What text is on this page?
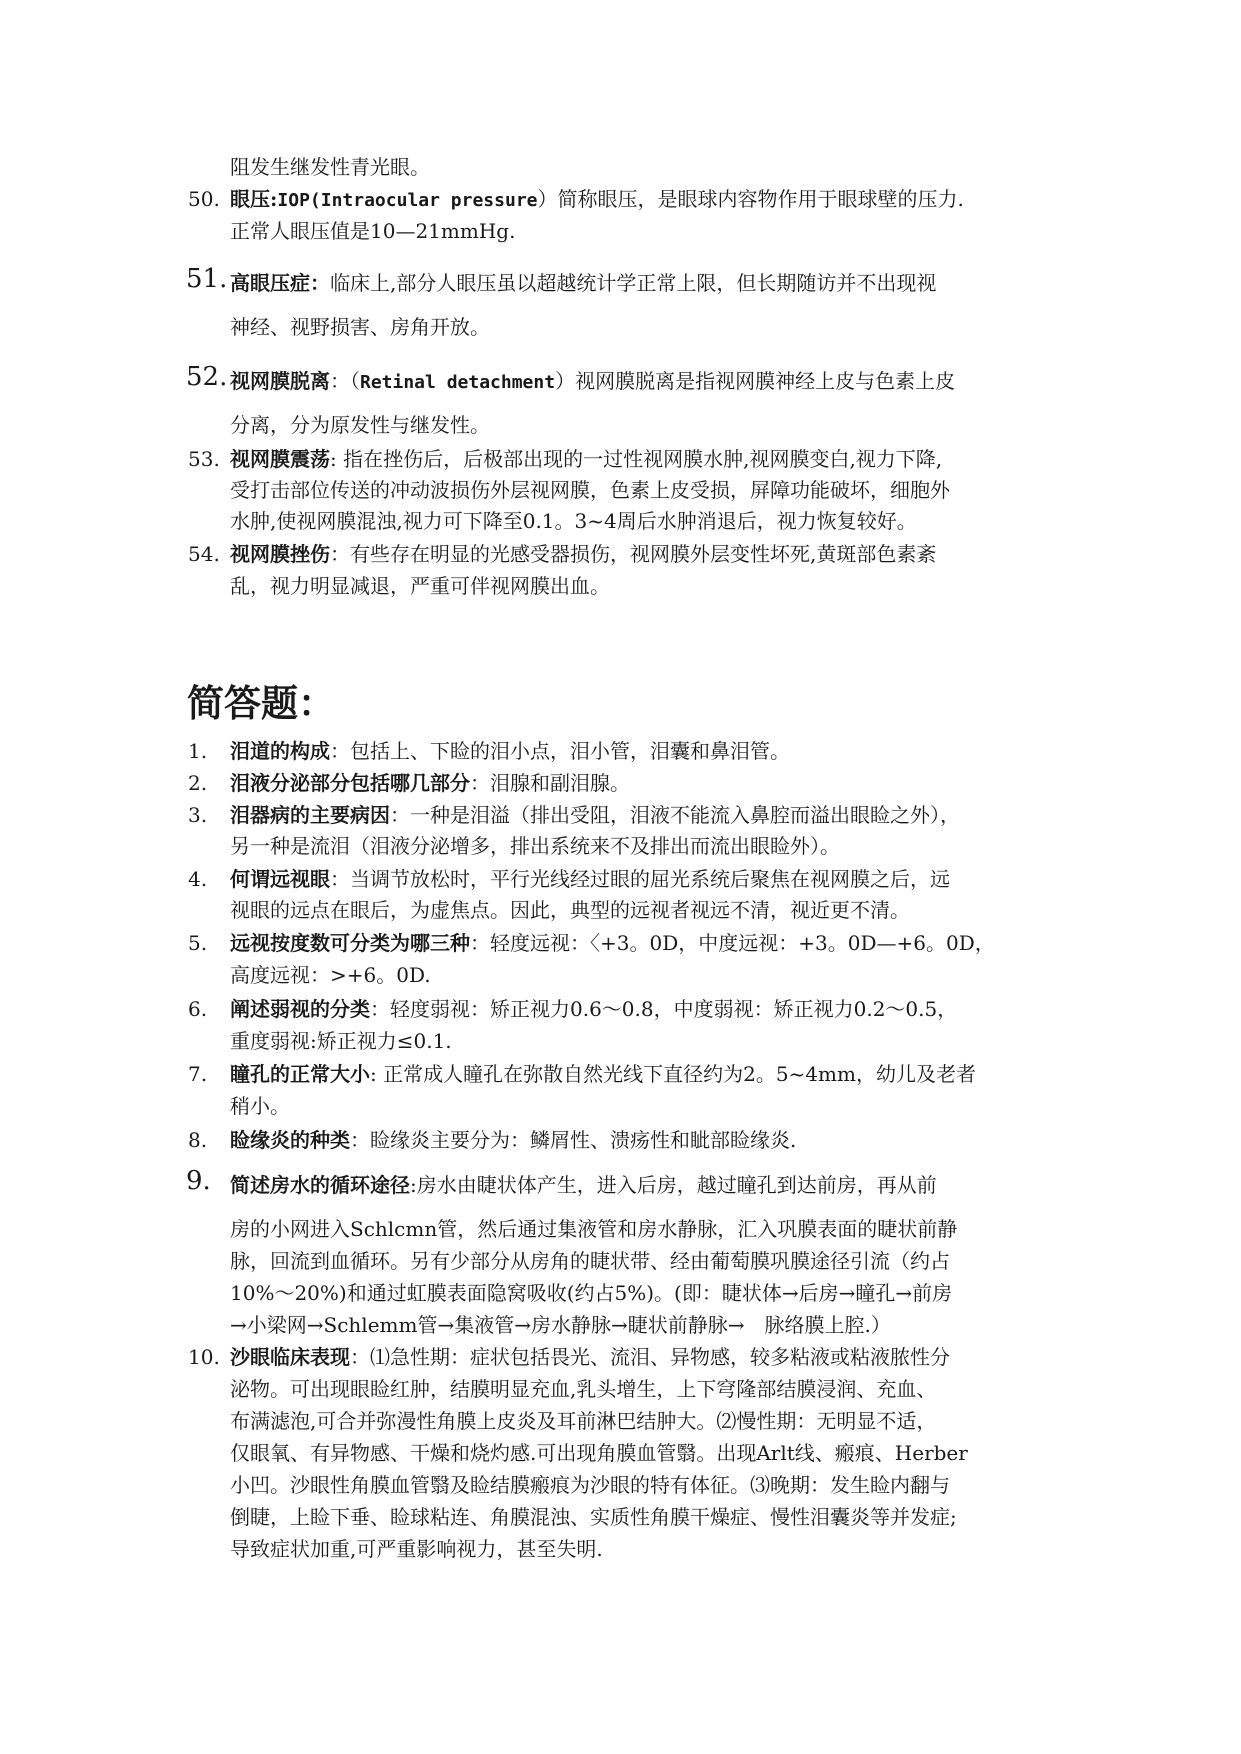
阻发生继发性青光眼。
50. 眼压:IOP(Intraocular pressure）简称眼压，是眼球内容物作用于眼球壁的压力.
正常人眼压值是10—21mmHg.
51. 高眼压症：临床上,部分人眼压虽以超越统计学正常上限，但长期随访并不出现视
神经、视野损害、房角开放。
52. 视网膜脱离：（Retinal detachment）视网膜脱离是指视网膜神经上皮与色素上皮
分离，分为原发性与继发性。
53. 视网膜震荡: 指在挫伤后，后极部出现的一过性视网膜水肿,视网膜变白,视力下降,
受打击部位传送的冲动波损伤外层视网膜，色素上皮受损，屏障功能破坏，细胞外
水肿,使视网膜混浊,视力可下降至0.1。3~4周后水肿消退后，视力恢复较好。
54. 视网膜挫伤：有些存在明显的光感受器损伤，视网膜外层变性坏死,黄斑部色素紊
乱，视力明显减退，严重可伴视网膜出血。
简答题：
1. 泪道的构成：包括上、下睑的泪小点，泪小管，泪囊和鼻泪管。
2. 泪液分泌部分包括哪几部分：泪腺和副泪腺。
3. 泪器病的主要病因：一种是泪溢（排出受阻，泪液不能流入鼻腔而溢出眼睑之外），
另一种是流泪（泪液分泌增多，排出系统来不及排出而流出眼睑外）。
4. 何谓远视眼：当调节放松时，平行光线经过眼的屈光系统后聚焦在视网膜之后，远
视眼的远点在眼后，为虚焦点。因此，典型的远视者视远不清，视近更不清。
5. 远视按度数可分类为哪三种：轻度远视：〈+3。0D，中度远视：+3。0D—+6。0D，
高度远视：>+6。0D.
6. 阐述弱视的分类：轻度弱视：矫正视力0.6～0.8，中度弱视：矫正视力0.2～0.5，
重度弱视:矫正视力≤0.1.
7. 瞳孔的正常大小: 正常成人瞳孔在弥散自然光线下直径约为2。5~4mm，幼儿及老者
稍小。
8. 睑缘炎的种类：睑缘炎主要分为：鳞屑性、溃疡性和眦部睑缘炎.
9. 简述房水的循环途径:房水由睫状体产生，进入后房，越过瞳孔到达前房，再从前
房的小网进入Schlcmn管，然后通过集液管和房水静脉，汇入巩膜表面的睫状前静
脉，回流到血循环。另有少部分从房角的睫状带、经由葡萄膜巩膜途径引流（约占
10%～20%)和通过虹膜表面隐窝吸收(约占5%)。(即：睫状体→后房→瞳孔→前房
→小梁网→Schlemm管→集液管→房水静脉→睫状前静脉→　脉络膜上腔.）
10. 沙眼临床表现：⑴急性期：症状包括畏光、流泪、异物感，较多粘液或粘液脓性分
泌物。可出现眼睑红肿，结膜明显充血,乳头增生，上下穹隆部结膜浸润、充血、
布满滤泡,可合并弥漫性角膜上皮炎及耳前淋巴结肿大。⑵慢性期：无明显不适，
仅眼氧、有异物感、干燥和烧灼感.可出现角膜血管翳。出现Arlt线、瘢痕、Herber
小凹。沙眼性角膜血管翳及睑结膜瘢痕为沙眼的特有体征。⑶晚期：发生睑内翻与
倒睫，上睑下垂、睑球粘连、角膜混浊、实质性角膜干燥症、慢性泪囊炎等并发症;
导致症状加重,可严重影响视力，甚至失明.
